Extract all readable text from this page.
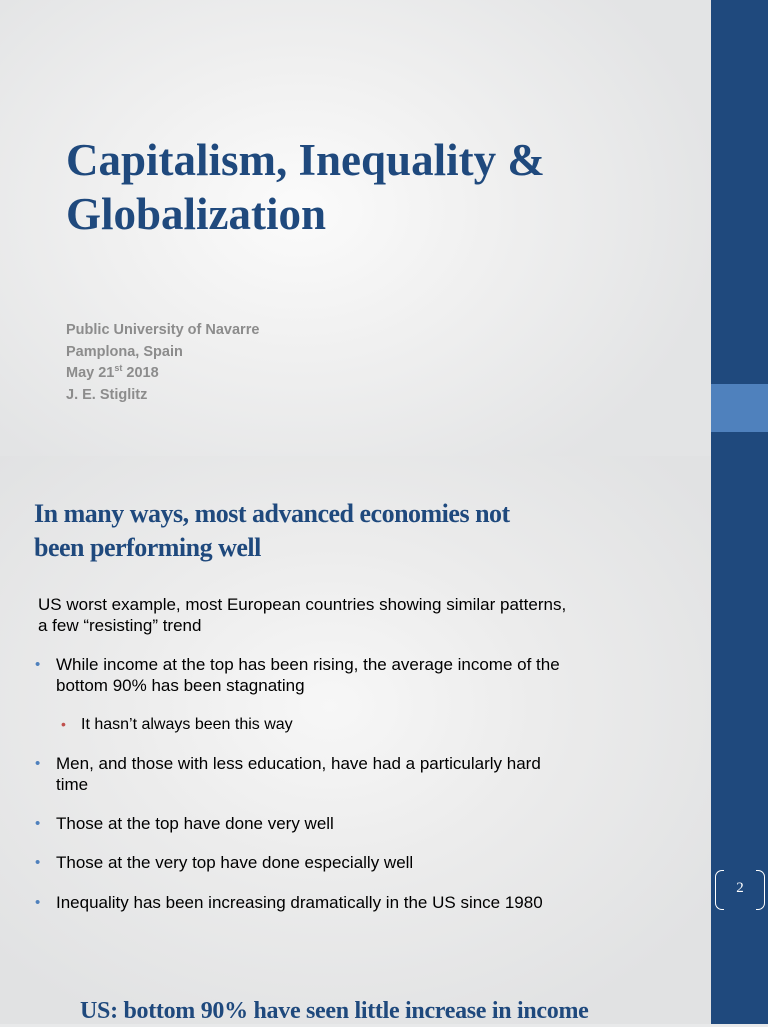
Capitalism, Inequality &
Globalization
Public University of Navarre
Pamplona, Spain
May 21st 2018
J. E. Stiglitz
In many ways, most advanced economies not
been performing well

US worst example, most European countries showing similar patterns,
a few “resisting” trend

• While income at the top has been rising, the average income of the
bottom 90% has been stagnating
• It hasn’t always been this way
• Men, and those with less education, have had a particularly hard
time
• Those at the top have done very well
• Those at the very top have done especially well
• Inequality has been increasing dramatically in the US since 1980
2
US: bottom 90% have seen little increase in income
